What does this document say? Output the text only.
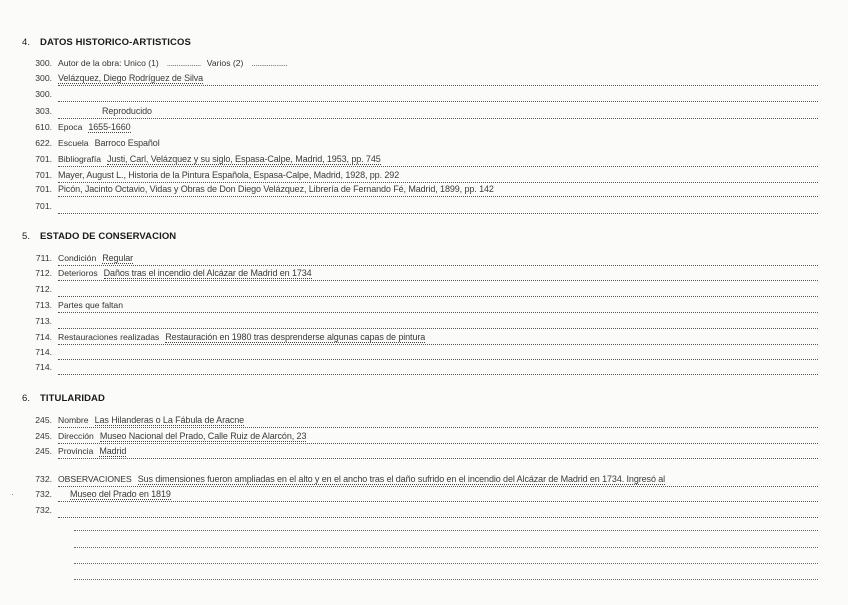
4. DATOS HISTORICO-ARTISTICOS
300. Autor de la obra: Unico (1) .................. Varios (2) ...................
300. Velázquez, Diego Rodríguez de Silva
300.
303.	Reproducido
610. Epoca 1655-1660
622. Escuela Barroco Español
701. Bibliografía Justi, Carl, Velázquez y su siglo, Espasa-Calpe, Madrid, 1953, pp. 745
701. Mayer, August L., Historia de la Pintura Española, Espasa-Calpe, Madrid, 1928, pp. 292
701. Picón, Jacinto Octavio, Vidas y Obras de Don Diego Velázquez, Librería de Fernando Fé, Madrid, 1899, pp. 142
701.
5. ESTADO DE CONSERVACION
711. Condición Regular
712. Deterioros Daños tras el incendio del Alcázar de Madrid en 1734
712.
713. Partes que faltan
713.
714. Restauraciones realizadas Restauración en 1980 tras desprenderse algunas capas de pintura
714.
714.
6. TITULARIDAD
245. Nombre Las Hilanderas o La Fábula de Aracne
245. Dirección Museo Nacional del Prado, Calle Ruiz de Alarcón, 23
245. Provincia Madrid
732. OBSERVACIONES Sus dimensiones fueron ampliadas en el alto y en el ancho tras el daño sufrido en el incendio del Alcázar de Madrid en 1734. Ingresó al
732.	Museo del Prado en 1819
·
732.
